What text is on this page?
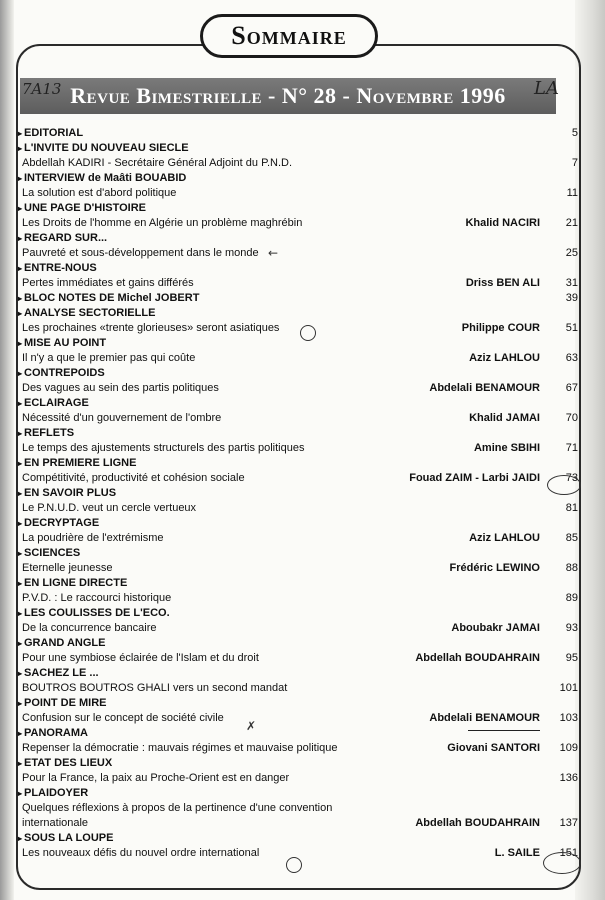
Sommaire
Revue Bimestrielle - N° 28 - Novembre 1996
7A13	LA
▸ EDITORIAL	5
▸ L'INVITE DU NOUVEAU SIECLE
Abdellah KADIRI - Secrétaire Général Adjoint du P.N.D.	7
▸ INTERVIEW de Maâti BOUABID
La solution est d'abord politique	11
▸ UNE PAGE D'HISTOIRE
Les Droits de l'homme en Algérie un problème maghrébin	Khalid NACIRI	21
▸ REGARD SUR...
Pauvreté et sous-développement dans le monde	25
▸ ENTRE-NOUS
Pertes immédiates et gains différés	Driss BEN ALI	31
▸ BLOC NOTES DE Michel JOBERT	39
▸ ANALYSE SECTORIELLE
Les prochaines «trente glorieuses» seront asiatiques	Philippe COUR	51
▸ MISE AU POINT
Il n'y a que le premier pas qui coûte	Aziz LAHLOU	63
▸ CONTREPOIDS
Des vagues au sein des partis politiques	Abdelali BENAMOUR	67
▸ ECLAIRAGE
Nécessité d'un gouvernement de l'ombre	Khalid JAMAI	70
▸ REFLETS
Le temps des ajustements structurels des partis politiques	Amine SBIHI	71
▸ EN PREMIERE LIGNE
Compétitivité, productivité et cohésion sociale	Fouad ZAIM - Larbi JAIDI	73
▸ EN SAVOIR PLUS
Le P.N.U.D. veut un cercle vertueux	81
▸ DECRYPTAGE
La poudrière de l'extrémisme	Aziz LAHLOU	85
▸ SCIENCES
Eternelle jeunesse	Frédéric LEWINO	88
▸ EN LIGNE DIRECTE
P.V.D. : Le raccourci historique	89
▸ LES COULISSES DE L'ECO.
De la concurrence bancaire	Aboubakr JAMAI	93
▸ GRAND ANGLE
Pour une symbiose éclairée de l'Islam et du droit	Abdellah BOUDAHRAIN	95
▸ SACHEZ LE ...
BOUTROS BOUTROS GHALI vers un second mandat	101
▸ POINT DE MIRE
Confusion sur le concept de société civile	Abdelali BENAMOUR	103
▸ PANORAMA
Repenser la démocratie : mauvais régimes et mauvaise politique	Giovani SANTORI	109
▸ ETAT DES LIEUX
Pour la France, la paix au Proche-Orient est en danger	136
▸ PLAIDOYER
Quelques réflexions à propos de la pertinence d'une convention
internationale	Abdellah BOUDAHRAIN	137
▸ SOUS LA LOUPE
Les nouveaux défis du nouvel ordre international	L. SAILE	151
←
✗
